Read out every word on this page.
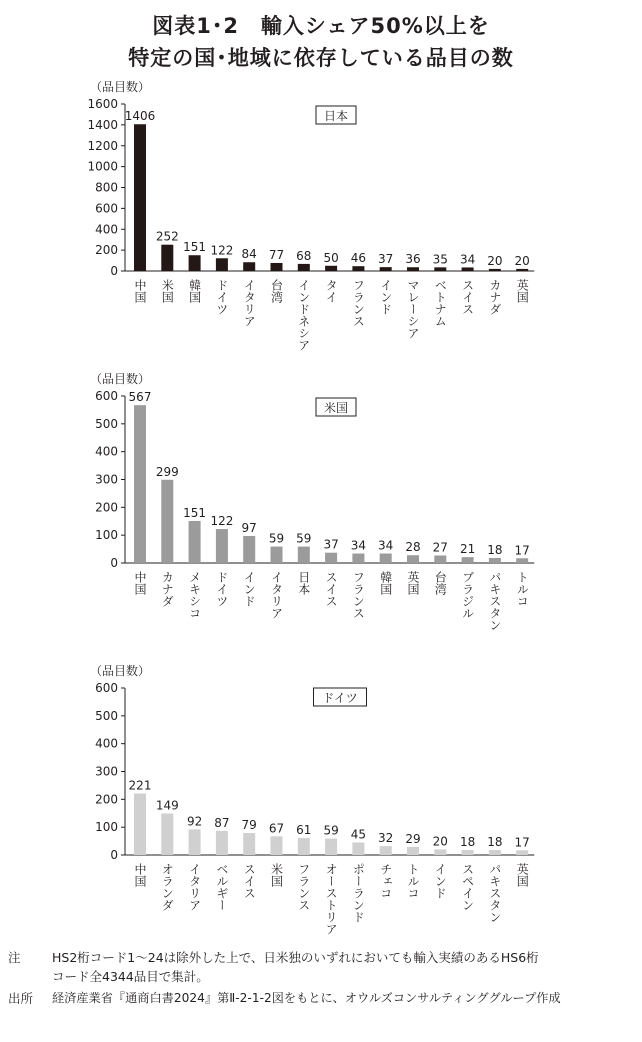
図表1･2　輸入シェア50%以上を
特定の国･地域に依存している品目の数
（品目数）
0
200
400
600
800
1000
1200
1400
1600
1406
中国
252
米国
151
韓国
122
ドイツ
84
イタリア
77
台湾
68
インドネシア
50
タイ
46
フランス
37
インド
36
マレーシア
35
ベトナム
34
スイス
20
カナダ
20
英国
日本
（品目数）
0
100
200
300
400
500
600 567
中国
299
カナダ
151
メキシコ
122
ドイツ
97
インド
59
イタリア
59
日本
37
スイス
34
フランス
34
韓国
28
英国
27
台湾
21
ブラジル
18
パキスタン
17
トルコ
米国
（品目数）
0
100
200
300
400
500
600
221
中国
149
オランダ
92
イタリア
87
ベルギー
79
スイス
67
米国
61
フランス
59
オーストリア
45
ポーランド
32
チェコ
29
トルコ
20
インド
18
スペイン
18
パキスタン
17
英国
ドイツ
注	HS2桁コード1～24は除外した上で、日米独のいずれにおいても輸入実績のあるHS6桁
コード全4344品目で集計。
出所 経済産業省『通商白書2024』第Ⅱ-2-1-2図をもとに、オウルズコンサルティンググループ作成
